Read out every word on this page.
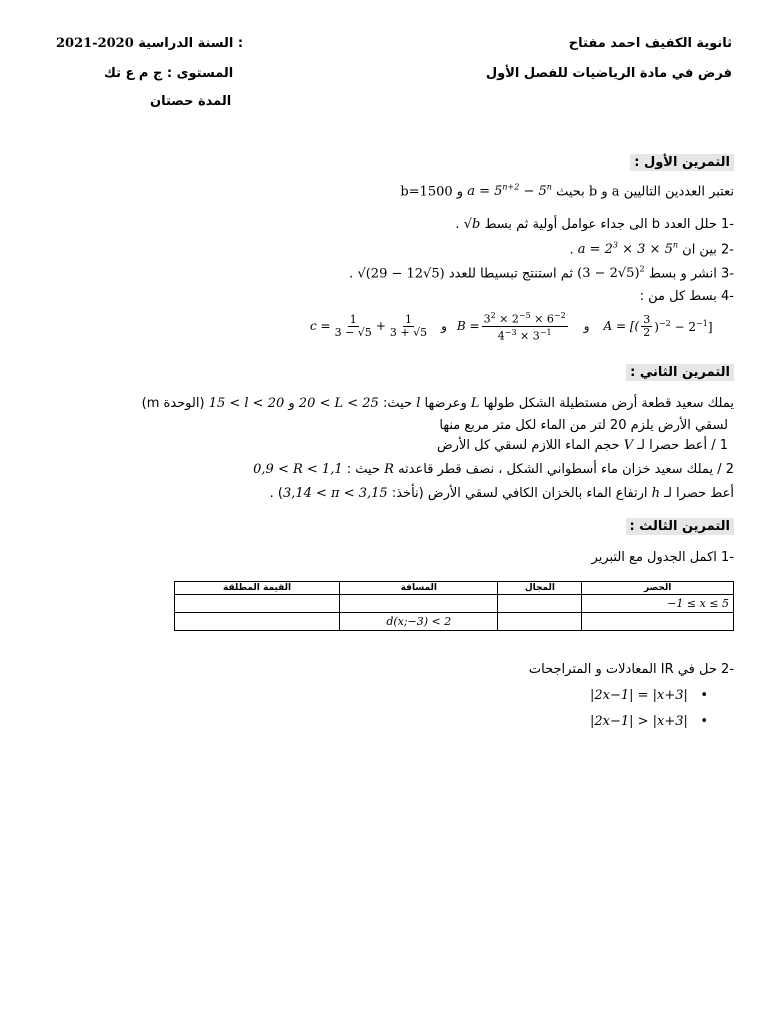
ثانوية الكفيف احمد مفتاح
فرض في مادة الرياضيات للفصل الأول
2021-2020 السنة الدراسية :
المستوى : ج م ع تك
المدة حصتان
التمرين الأول :
نعتبر العددين التاليين a و b بحيث $a = 5^{n+2} - 5^n$ و b=1500
-1 حلل العدد b الى جداء عوامل أولية ثم بسط √b .
-2 بين ان $a = 2^3 \times 3 \times 5^n$ .
-3 انشر و بسط $(3 - 2√5)^2$ ثم استنتج تبسيطا للعدد √(29 − 12√5) .
-4 بسط كل من :
$c = \frac{1}{3 - √5} + \frac{1}{3 + √5}$ و $B = \frac{3^2 \times 2^{-5} \times 6^{-2}}{4^{-3} \times 3^{-1}}$ و A = [( $\frac{3}{2} )^{-2} - 2^{-1}$]
التمرين الثاني :
يملك سعيد قطعة أرض مستطيلة الشكل طولها L وعرضها l حيث: 20 < L < 25 و 15 < l < 20 (الوحدة m)
لسقي الأرض يلزم 20 لتر من الماء لكل متر مربع منها
1 / أعط حصرا لـ V حجم الماء اللازم لسقي كل الأرض
2 / يملك سعيد خزان ماء أسطواني الشكل ، نصف قطر قاعدته R حيث : 0,9 < R < 1,1
أعط حصرا لـ h ارتفاع الماء بالخزان الكافي لسقي الأرض (نأخذ: 3,14 < π < 3,15) .
التمرين الثالث :
-1 اكمل الجدول مع التبرير
الحصر	المجال	المسافة	القيمة المطلقة
−1 ≤ x ≤ 5			
		d(x;−3) < 2	
-2 حل في IR المعادلات و المتراجحات
•   |2x−1| = |x+3|
•   |2x−1| > |x+3|
